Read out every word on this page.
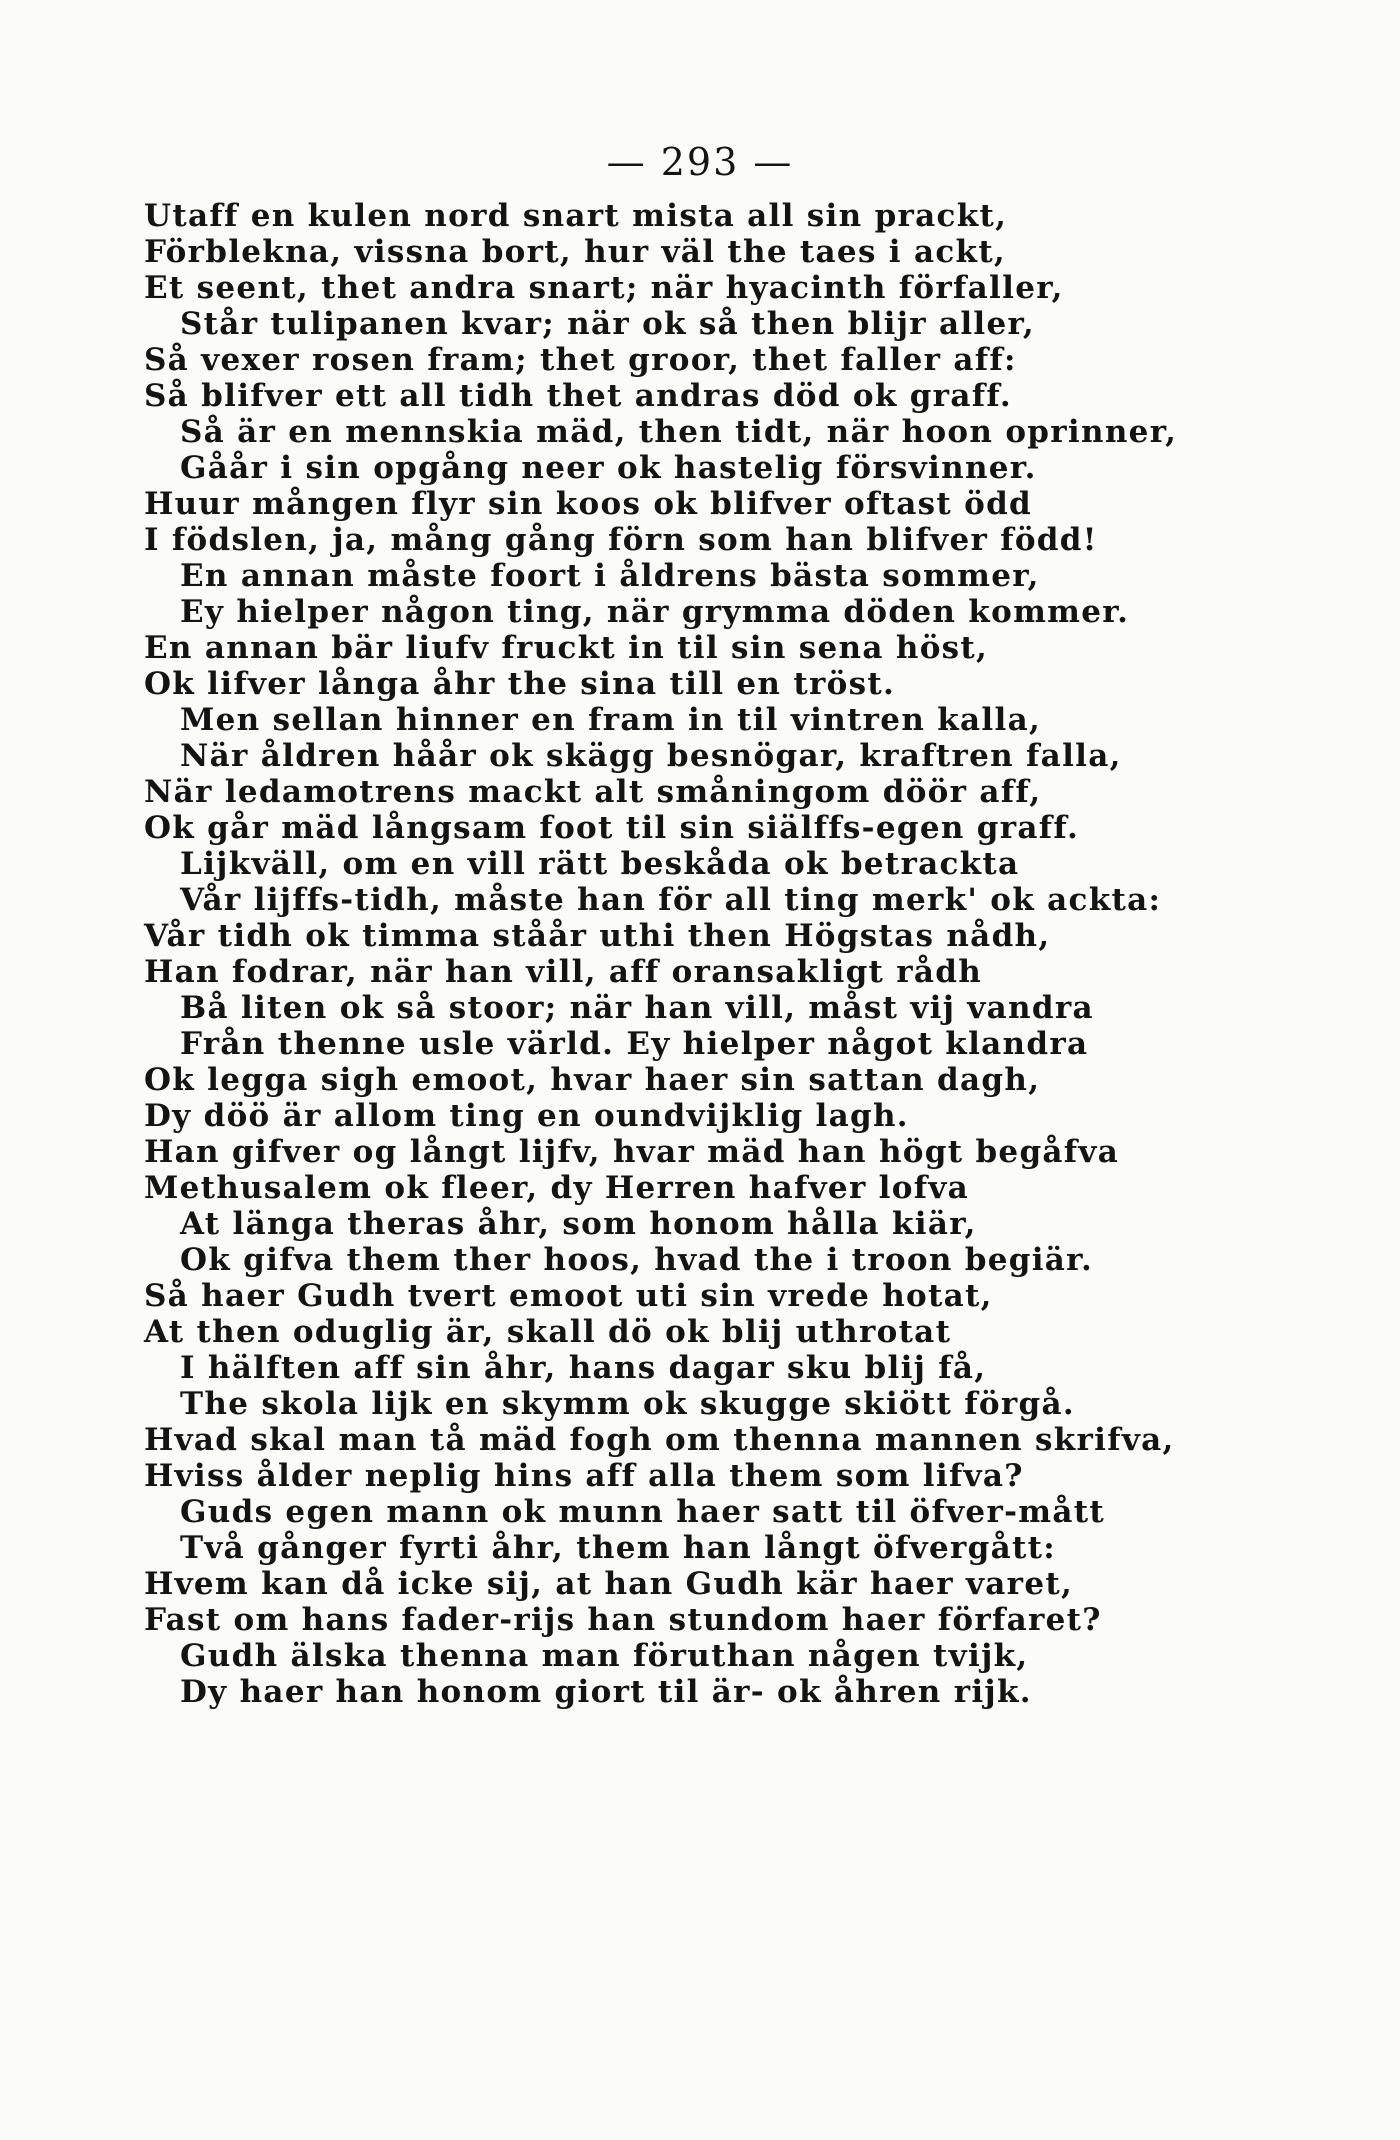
— 293 —
Utaff en kulen nord snart mista all sin prackt,
Förblekna, vissna bort, hur väl the taes i ackt,
Et seent, thet andra snart; när hyacinth förfaller,
Står tulipanen kvar; när ok så then blijr aller,
Så vexer rosen fram; thet groor, thet faller aff:
Så blifver ett all tidh thet andras död ok graff.
Så är en mennskia mäd, then tidt, när hoon oprinner,
Gåår i sin opgång neer ok hastelig försvinner.
Huur mången flyr sin koos ok blifver oftast ödd
I födslen, ja, mång gång förn som han blifver född!
En annan måste foort i åldrens bästa sommer,
Ey hielper någon ting, när grymma döden kommer.
En annan bär liufv fruckt in til sin sena höst,
Ok lifver långa åhr the sina till en tröst.
Men sellan hinner en fram in til vintren kalla,
När åldren håår ok skägg besnögar, kraftren falla,
När ledamotrens mackt alt småningom döör aff,
Ok går mäd långsam foot til sin siälffs-egen graff.
Lijkväll, om en vill rätt beskåda ok betrackta
Vår lijffs-tidh, måste han för all ting merk' ok ackta:
Vår tidh ok timma ståår uthi then Högstas nådh,
Han fodrar, när han vill, aff oransakligt rådh
Bå liten ok så stoor; när han vill, måst vij vandra
Från thenne usle värld. Ey hielper något klandra
Ok legga sigh emoot, hvar haer sin sattan dagh,
Dy döö är allom ting en oundvijklig lagh.
Han gifver og långt lijfv, hvar mäd han högt begåfva
Methusalem ok fleer, dy Herren hafver lofva
At länga theras åhr, som honom hålla kiär,
Ok gifva them ther hoos, hvad the i troon begiär.
Så haer Gudh tvert emoot uti sin vrede hotat,
At then oduglig är, skall dö ok blij uthrotat
I hälften aff sin åhr, hans dagar sku blij få,
The skola lijk en skymm ok skugge skiött förgå.
Hvad skal man tå mäd fogh om thenna mannen skrifva,
Hviss ålder neplig hins aff alla them som lifva?
Guds egen mann ok munn haer satt til öfver-mått
Två gånger fyrti åhr, them han långt öfvergått:
Hvem kan då icke sij, at han Gudh kär haer varet,
Fast om hans fader-rijs han stundom haer förfaret?
Gudh älska thenna man föruthan någen tvijk,
Dy haer han honom giort til är- ok åhren rijk.
